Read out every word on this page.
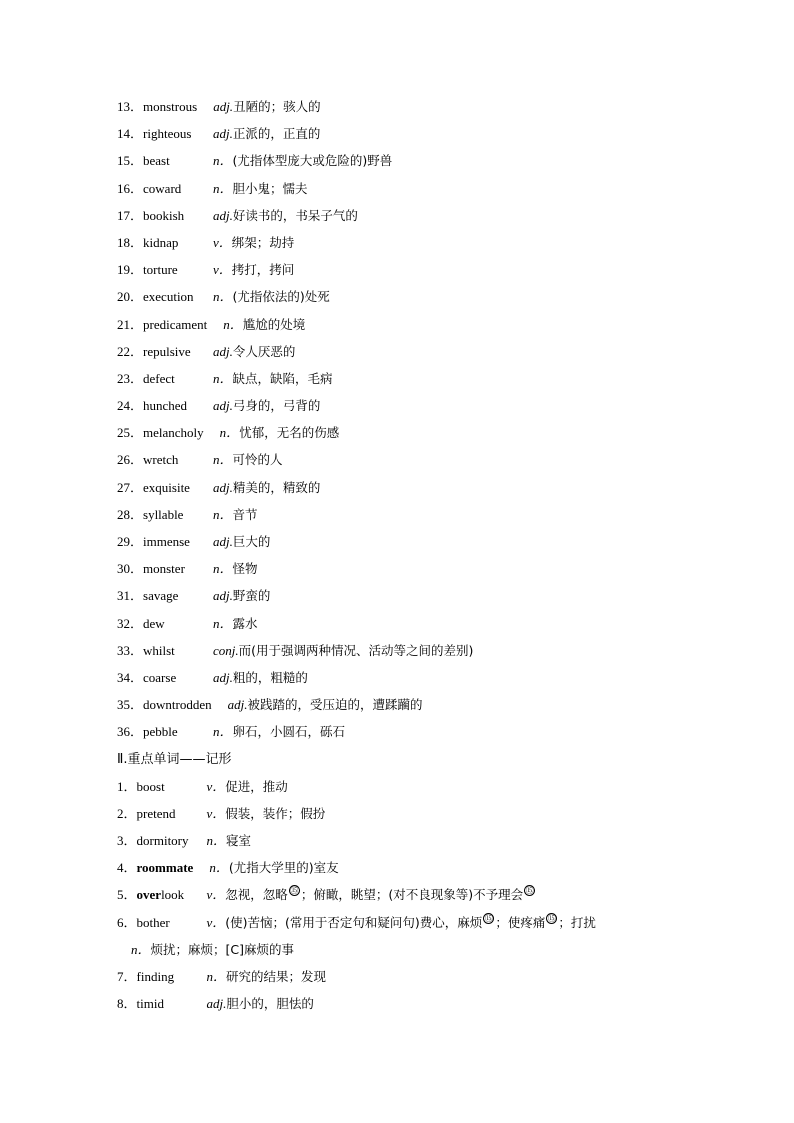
13．monstrous adj.丑陋的；骇人的
14．righteous adj.正派的，正直的
15．beast	n．(尤指体型庞大或危险的)野兽
16．coward n．胆小鬼；懦夫
17．bookish adj.好读书的，书呆子气的
18．kidnap	v．绑架；劫持
19．torture	v．拷打，拷问
20．execution n．(尤指依法的)处死
21．predicament n．尴尬的处境
22．repulsive adj.令人厌恶的
23．defect	n．缺点，缺陷，毛病
24．hunched adj.弓身的，弓背的
25．melancholy n．忧郁，无名的伤感
26．wretch	n．可怜的人
27．exquisite adj.精美的，精致的
28．syllable n．音节
29．immense adj.巨大的
30．monster n．怪物
31．savage	adj.野蛮的
32．dew	n．露水
33．whilst	conj.而(用于强调两种情况、活动等之间的差别)
34．coarse	adj.粗的，粗糙的
35．downtrodden adj.被践踏的，受压迫的，遭蹂躏的
36．pebble	n．卵石，小圆石，砾石
Ⅱ.重点单词——记形
1．boost	v．促进，推动
2．pretend v．假装，装作；假扮
3．dormitory n．寝室
4．roommate n．(尤指大学里的)室友
5．overlook v．忽视，忽略 ⑮ ；俯瞰，眺望；(对不良现象等)不予理会 ⑮
6．bother	v．(使)苦恼；(常用于否定句和疑问句)费心，麻烦 ⑮ ；使疼痛 ⑮ ；打扰
n．烦扰；麻烦；[C]麻烦的事
7．finding n．研究的结果；发现
8．timid	adj.胆小的，胆怯的
